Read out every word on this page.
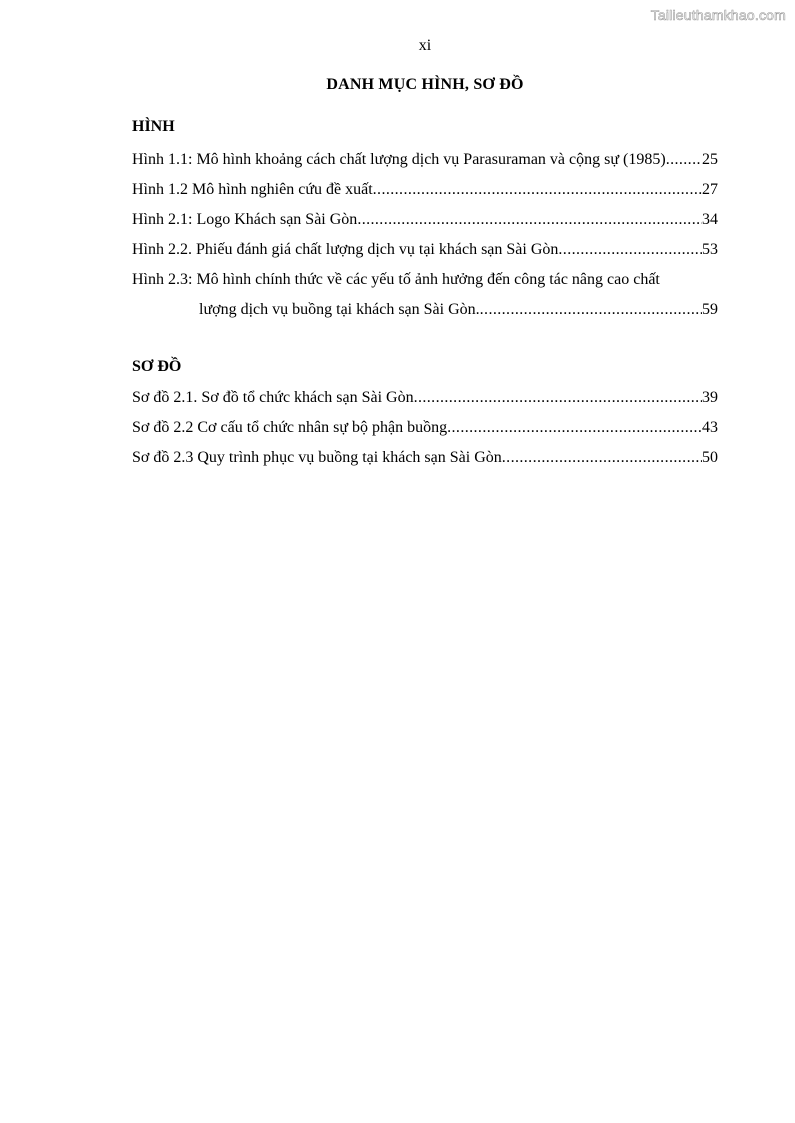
Tailieuthamkhao.com
xi
DANH MỤC HÌNH, SƠ ĐỒ
HÌNH
Hình 1.1: Mô hình khoảng cách chất lượng dịch vụ Parasuraman và cộng sự (1985) ..... 25
Hình 1.2 Mô hình nghiên cứu đề xuất .....	27
Hình 2.1: Logo Khách sạn Sài Gòn .....	34
Hình 2.2. Phiếu đánh giá chất lượng dịch vụ tại khách sạn Sài Gòn .....	53
Hình 2.3: Mô hình chính thức về các yếu tố ảnh hưởng đến công tác nâng cao chất
lượng dịch vụ buồng tại khách sạn Sài Gòn. .....	59
SƠ ĐỒ
Sơ đồ 2.1. Sơ đồ tổ chức khách sạn Sài Gòn .....	39
Sơ đồ 2.2 Cơ cấu tổ chức nhân sự bộ phận buồng .....	43
Sơ đồ 2.3 Quy trình phục vụ buồng tại khách sạn Sài Gòn .....	50
